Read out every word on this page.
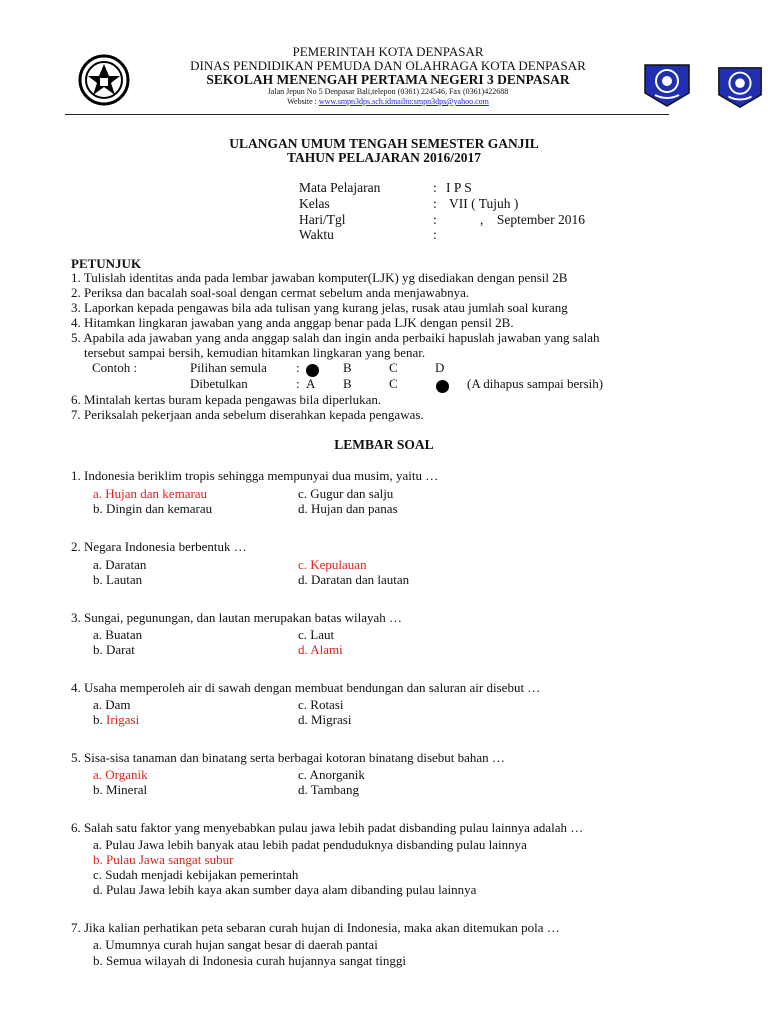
PEMERINTAH KOTA DENPASAR
DINAS PENDIDIKAN PEMUDA DAN OLAHRAGA KOTA DENPASAR
SEKOLAH MENENGAH PERTAMA NEGERI 3 DENPASAR
Jalan Jepun No 5 Denpasar Bali,telepon (0361) 224546, Fax (0361)422688
Website : www.smpn3dps.sch.idmailto:smpn3dps@yahoo.com
ULANGAN UMUM TENGAH SEMESTER GANJIL
TAHUN PELAJARAN 2016/2017
Mata Pelajaran	: I P S
Kelas	: VII ( Tujuh )
Hari/Tgl	:	,    September 2016
Waktu	:
PETUNJUK
1. Tulislah identitas anda pada lembar jawaban komputer(LJK) yg disediakan dengan pensil 2B
2. Periksa dan bacalah soal-soal dengan cermat sebelum anda menjawabnya.
3. Laporkan kepada pengawas bila ada tulisan yang kurang jelas, rusak atau jumlah soal kurang
4. Hitamkan lingkaran jawaban yang anda anggap benar pada LJK dengan pensil 2B.
5. Apabila ada jawaban yang anda anggap salah dan ingin anda perbaiki hapuslah jawaban yang salah
tersebut sampai bersih, kemudian hitamkan lingkaran yang benar.
Contoh :	Pilihan semula :	B	C	D
Dibetulkan	: A B	C	(A dihapus sampai bersih)
6. Mintalah kertas buram kepada pengawas bila diperlukan.
7. Periksalah pekerjaan anda sebelum diserahkan kepada pengawas.
LEMBAR SOAL
1. Indonesia beriklim tropis sehingga mempunyai dua musim, yaitu …
a. Hujan dan kemarau	c. Gugur dan salju
b. Dingin dan kemarau	d. Hujan dan panas
2. Negara Indonesia berbentuk …
a. Daratan	c. Kepulauan
b. Lautan	d. Daratan dan lautan
3. Sungai, pegunungan, dan lautan merupakan batas wilayah …
a. Buatan	c. Laut
b. Darat	d. Alami
4. Usaha memperoleh air di sawah dengan membuat bendungan dan saluran air disebut …
a. Dam	c. Rotasi
b. Irigasi	d. Migrasi
5. Sisa-sisa tanaman dan binatang serta berbagai kotoran binatang disebut bahan …
a. Organik	c. Anorganik
b. Mineral	d. Tambang
6. Salah satu faktor yang menyebabkan pulau jawa lebih padat disbanding pulau lainnya adalah …
a. Pulau Jawa lebih banyak atau lebih padat penduduknya disbanding pulau lainnya
b. Pulau Jawa sangat subur
c. Sudah menjadi kebijakan pemerintah
d. Pulau Jawa lebih kaya akan sumber daya alam dibanding pulau lainnya
7. Jika kalian perhatikan peta sebaran curah hujan di Indonesia, maka akan ditemukan pola …
a. Umumnya curah hujan sangat besar di daerah pantai
b. Semua wilayah di Indonesia curah hujannya sangat tinggi
